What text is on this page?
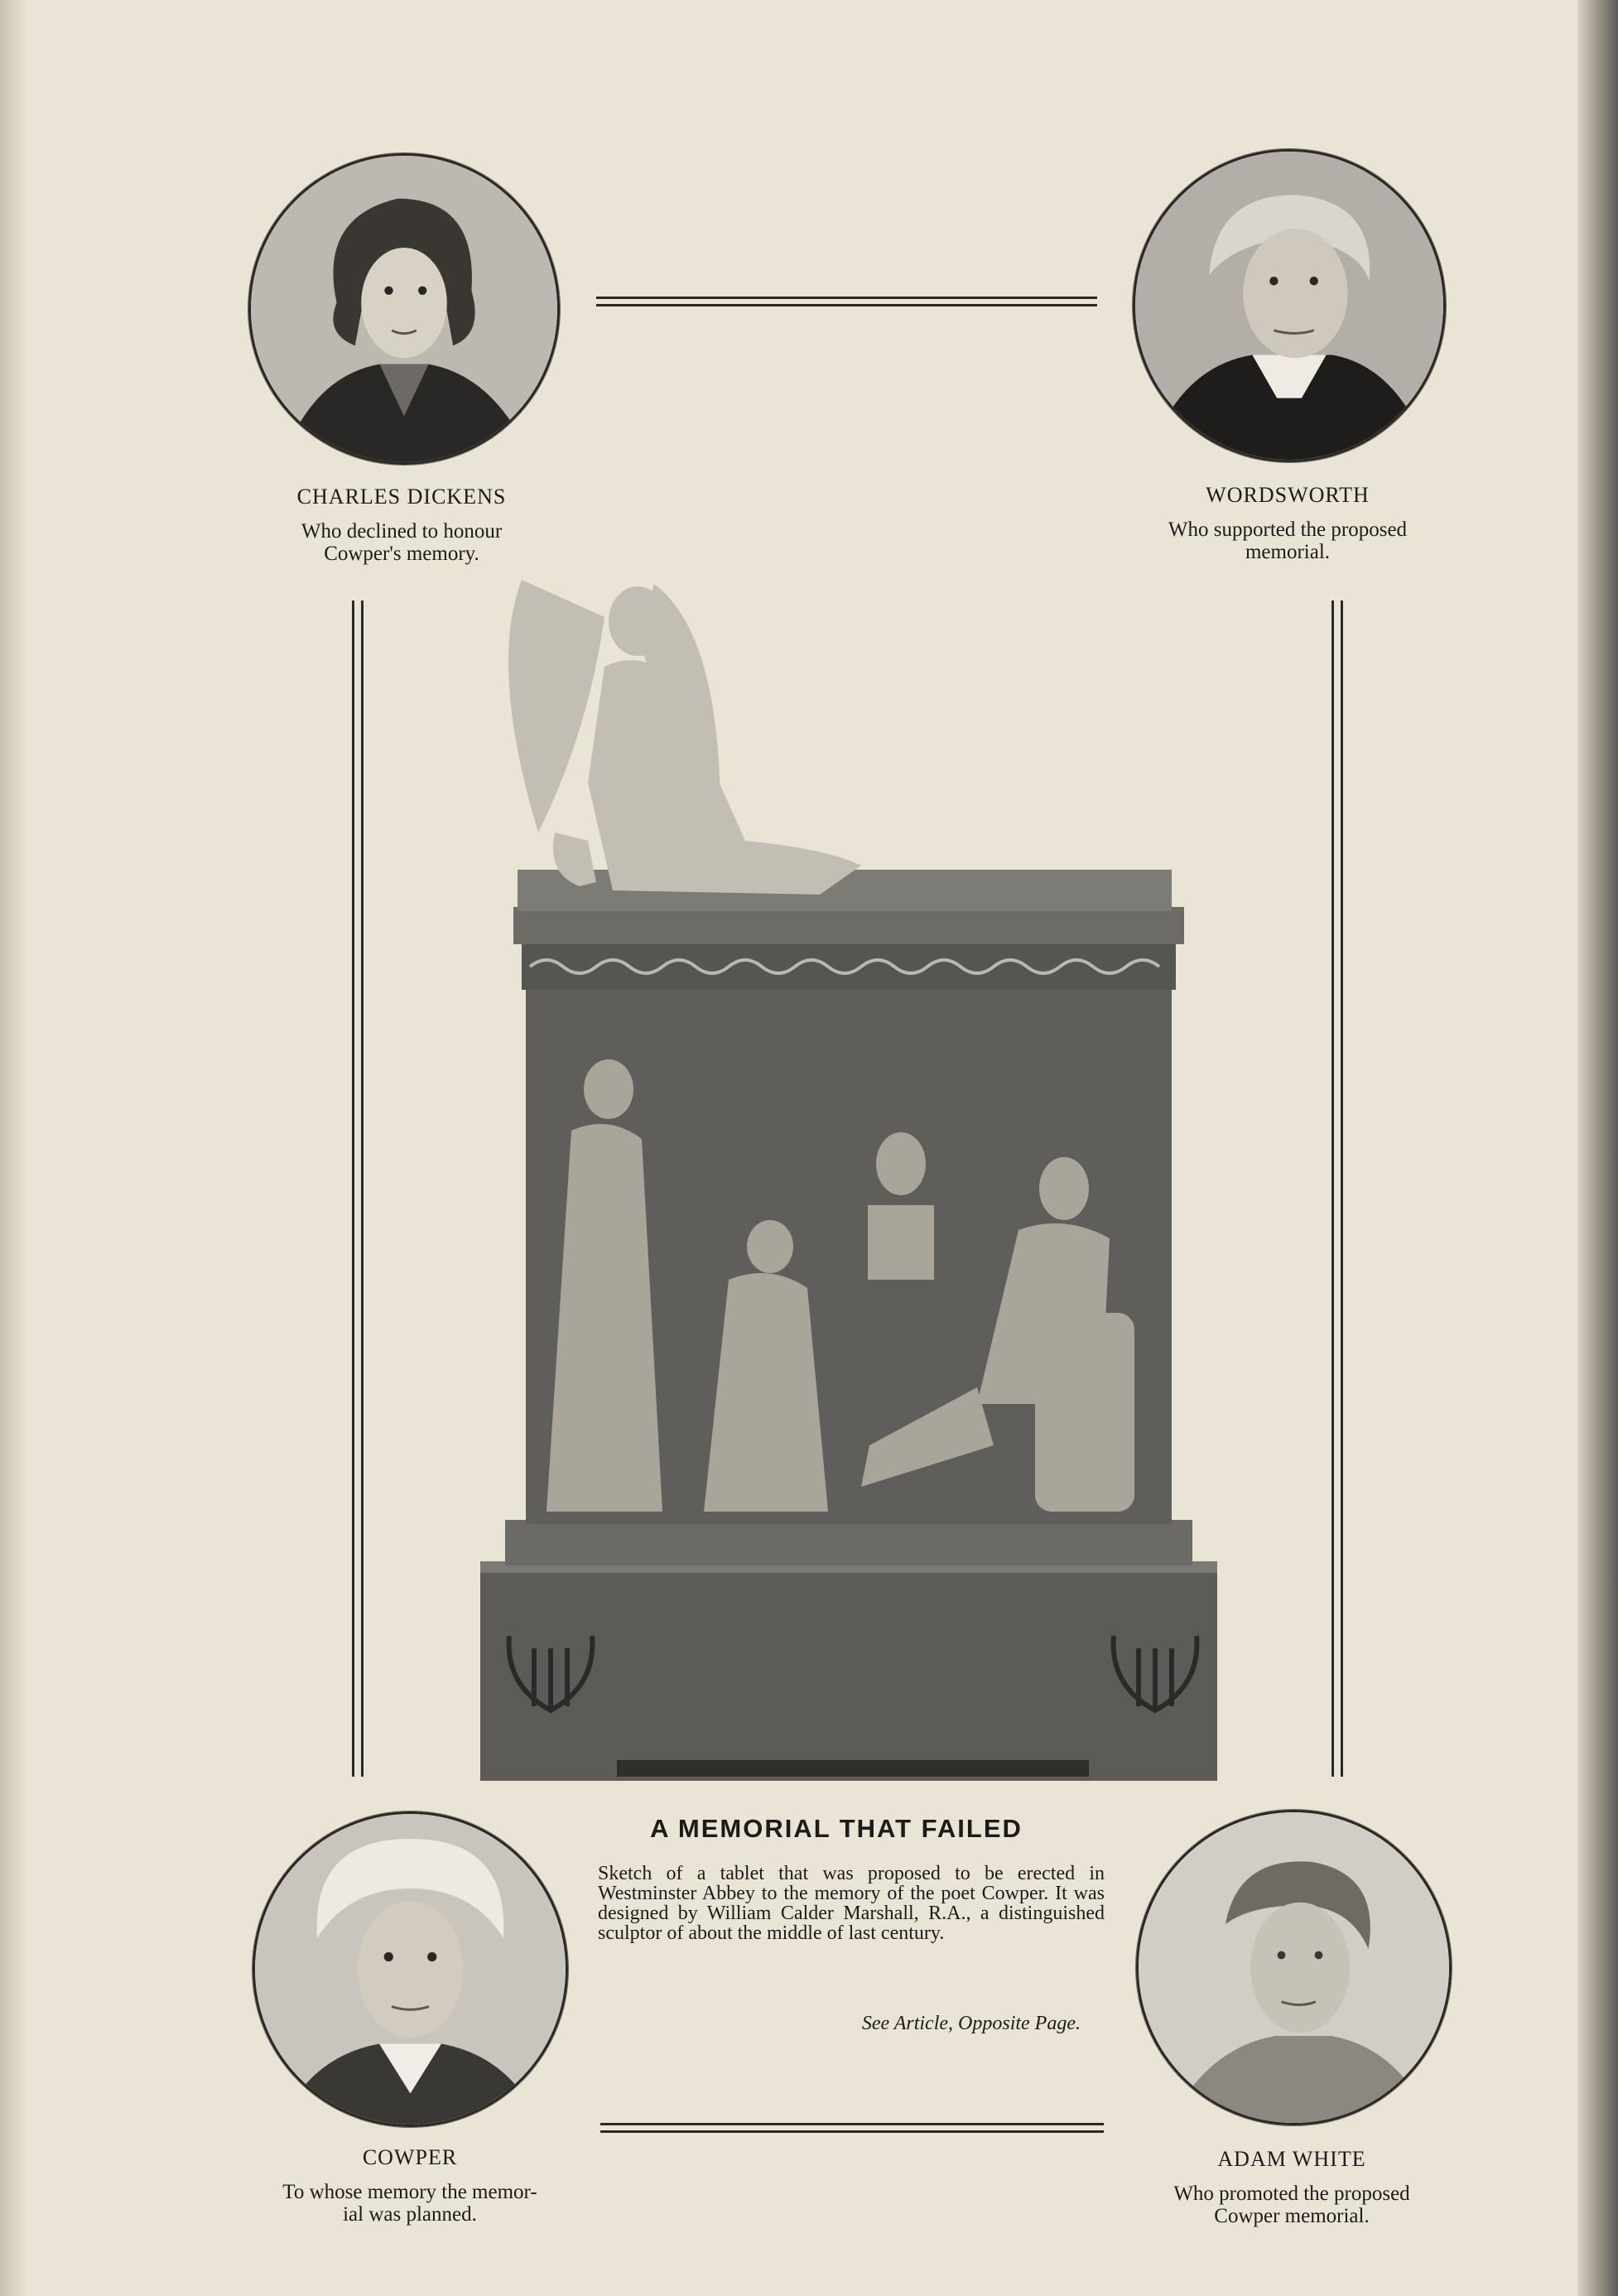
CHARLES DICKENS
Who declined to honour
Cowper's memory.
WORDSWORTH
Who supported the proposed
memorial.
COWPER
To whose memory the memor-
ial was planned.
ADAM WHITE
Who promoted the proposed
Cowper memorial.
A MEMORIAL THAT FAILED
Sketch of a tablet that was proposed to be erected in Westminster Abbey to the memory of the poet Cowper. It was designed by William Calder Marshall, R.A., a distinguished sculptor of about the middle of last century.
See Article, Opposite Page.
